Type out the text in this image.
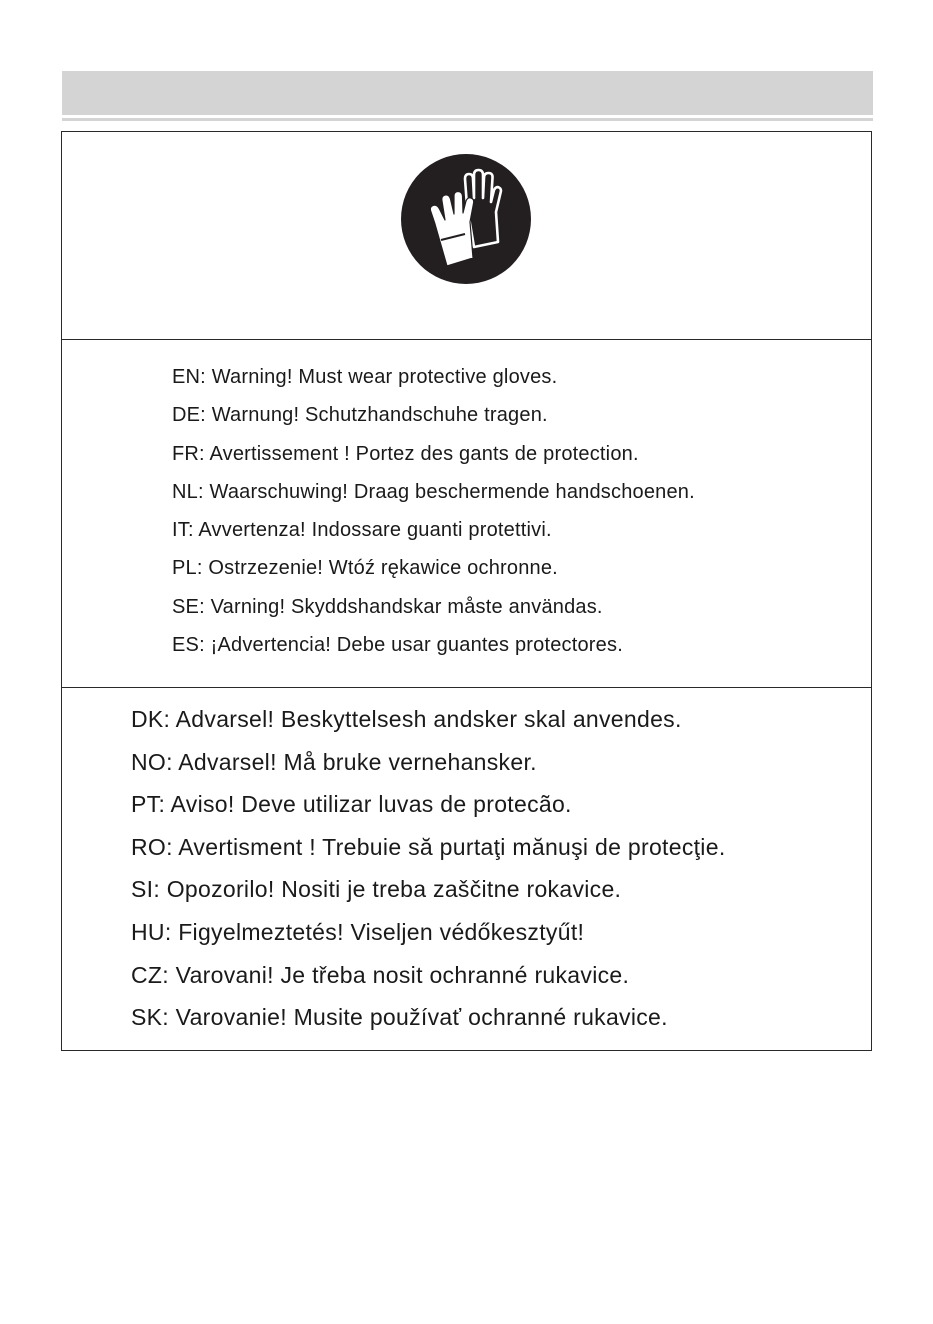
EN: Warning! Must wear protective gloves.
DE: Warnung! Schutzhandschuhe tragen.
FR: Avertissement ! Portez des gants de protection.
NL: Waarschuwing! Draag beschermende handschoenen.
IT: Avvertenza! Indossare guanti protettivi.
PL: Ostrzezenie! Wtóź rękawice ochronne.
SE: Varning! Skyddshandskar måste användas.
ES: ¡Advertencia! Debe usar guantes protectores.
DK: Advarsel! Beskyttelsesh andsker skal anvendes.
NO: Advarsel! Må bruke vernehansker.
PT: Aviso! Deve utilizar luvas de protecão.
RO: Avertisment ! Trebuie să purtaţi mănuşi de protecţie.
SI: Opozorilo! Nositi je treba zaščitne rokavice.
HU: Figyelmeztetés! Viseljen védőkesztyűt!
CZ: Varovani! Je třeba nosit ochranné rukavice.
SK: Varovanie! Musite používať ochranné rukavice.
